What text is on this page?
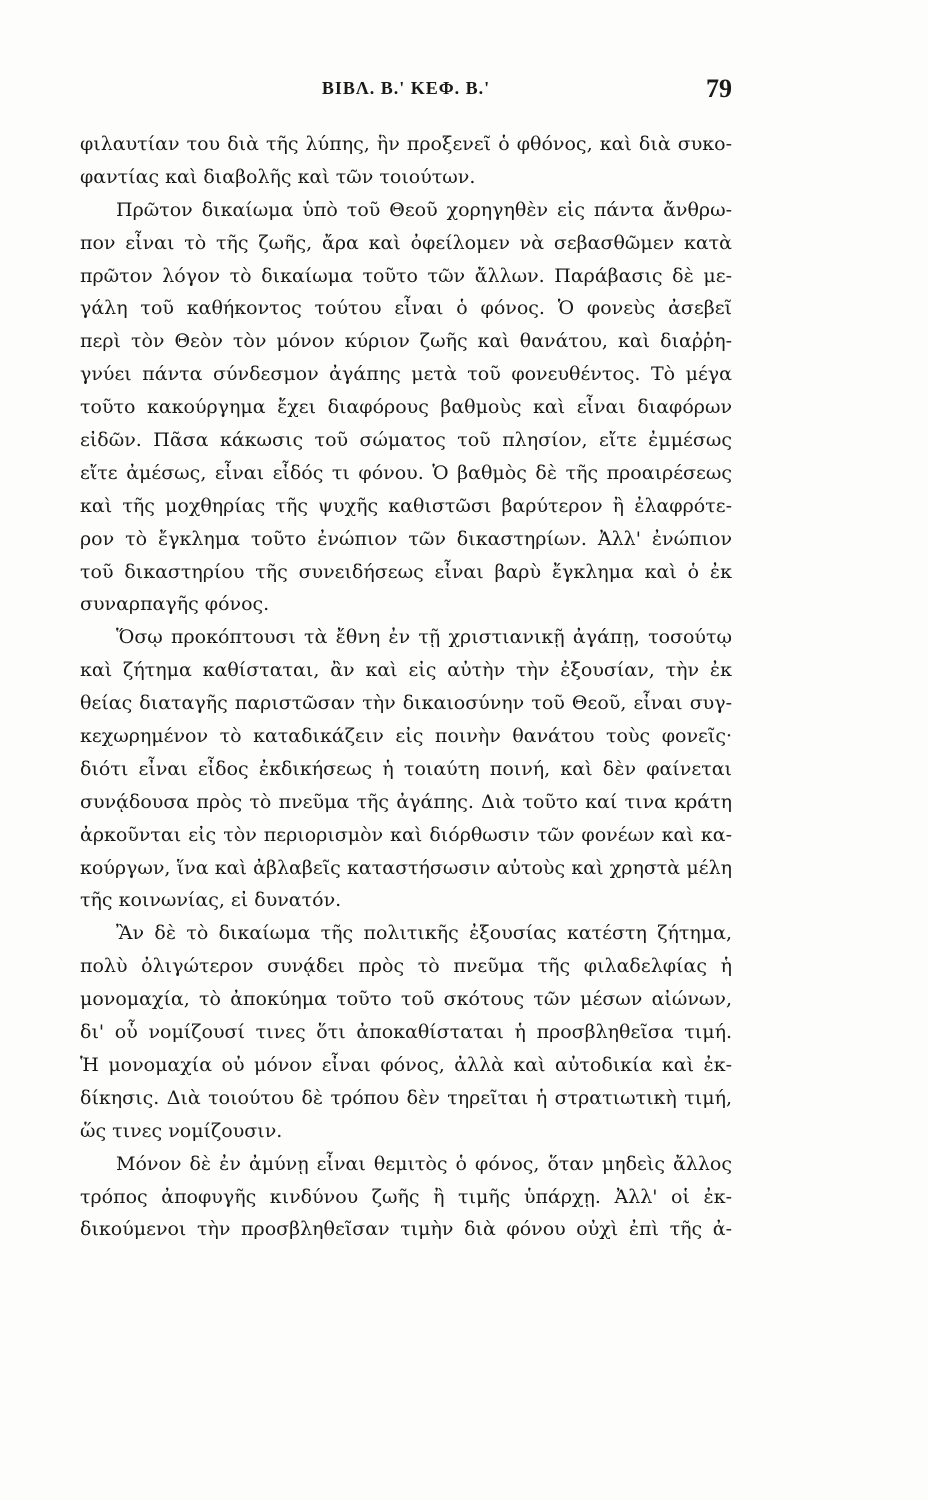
ΒΙΒΛ. Β.' ΚΕΦ. Β.'	79
φιλαυτίαν του διὰ τῆς λύπης, ἣν προξενεῖ ὁ φθόνος, καὶ διὰ συκο-
φαντίας καὶ διαβολῆς καὶ τῶν τοιούτων.
Πρῶτον δικαίωμα ὑπὸ τοῦ Θεοῦ χορηγηθὲν εἰς πάντα ἄνθρω-
πον εἶναι τὸ τῆς ζωῆς, ἄρα καὶ ὀφείλομεν νὰ σεβασθῶμεν κατὰ
πρῶτον λόγον τὸ δικαίωμα τοῦτο τῶν ἄλλων. Παράβασις δὲ με-
γάλη τοῦ καθήκοντος τούτου εἶναι ὁ φόνος. Ὁ φονεὺς ἀσεβεῖ
περὶ τὸν Θεὸν τὸν μόνον κύριον ζωῆς καὶ θανάτου, καὶ διαῤῥη-
γνύει πάντα σύνδεσμον ἀγάπης μετὰ τοῦ φονευθέντος. Τὸ μέγα
τοῦτο κακούργημα ἔχει διαφόρους βαθμοὺς καὶ εἶναι διαφόρων
εἰδῶν. Πᾶσα κάκωσις τοῦ σώματος τοῦ πλησίον, εἴτε ἐμμέσως
εἴτε ἀμέσως, εἶναι εἶδός τι φόνου. Ὁ βαθμὸς δὲ τῆς προαιρέσεως
καὶ τῆς μοχθηρίας τῆς ψυχῆς καθιστῶσι βαρύτερον ἢ ἐλαφρότε-
ρον τὸ ἔγκλημα τοῦτο ἐνώπιον τῶν δικαστηρίων. Ἀλλ' ἐνώπιον
τοῦ δικαστηρίου τῆς συνειδήσεως εἶναι βαρὺ ἔγκλημα καὶ ὁ ἐκ
συναρπαγῆς φόνος.
Ὅσῳ προκόπτουσι τὰ ἔθνη ἐν τῇ χριστιανικῇ ἀγάπῃ, τοσούτῳ
καὶ ζήτημα καθίσταται, ἂν καὶ εἰς αὐτὴν τὴν ἐξουσίαν, τὴν ἐκ
θείας διαταγῆς παριστῶσαν τὴν δικαιοσύνην τοῦ Θεοῦ, εἶναι συγ-
κεχωρημένον τὸ καταδικάζειν εἰς ποινὴν θανάτου τοὺς φονεῖς·
διότι εἶναι εἶδος ἐκδικήσεως ἡ τοιαύτη ποινή, καὶ δὲν φαίνεται
συνᾴδουσα πρὸς τὸ πνεῦμα τῆς ἀγάπης. Διὰ τοῦτο καί τινα κράτη
ἀρκοῦνται εἰς τὸν περιορισμὸν καὶ διόρθωσιν τῶν φονέων καὶ κα-
κούργων, ἵνα καὶ ἀβλαβεῖς καταστήσωσιν αὐτοὺς καὶ χρηστὰ μέλη
τῆς κοινωνίας, εἰ δυνατόν.
Ἂν δὲ τὸ δικαίωμα τῆς πολιτικῆς ἐξουσίας κατέστη ζήτημα,
πολὺ ὀλιγώτερον συνᾴδει πρὸς τὸ πνεῦμα τῆς φιλαδελφίας ἡ
μονομαχία, τὸ ἀποκύημα τοῦτο τοῦ σκότους τῶν μέσων αἰώνων,
δι' οὗ νομίζουσί τινες ὅτι ἀποκαθίσταται ἡ προσβληθεῖσα τιμή.
Ἡ μονομαχία οὐ μόνον εἶναι φόνος, ἀλλὰ καὶ αὐτοδικία καὶ ἐκ-
δίκησις. Διὰ τοιούτου δὲ τρόπου δὲν τηρεῖται ἡ στρατιωτικὴ τιμή,
ὥς τινες νομίζουσιν.
Μόνον δὲ ἐν ἀμύνῃ εἶναι θεμιτὸς ὁ φόνος, ὅταν μηδεὶς ἄλλος
τρόπος ἀποφυγῆς κινδύνου ζωῆς ἢ τιμῆς ὑπάρχῃ. Ἀλλ' οἱ ἐκ-
δικούμενοι τὴν προσβληθεῖσαν τιμὴν διὰ φόνου οὐχὶ ἐπὶ τῆς ἀ-
